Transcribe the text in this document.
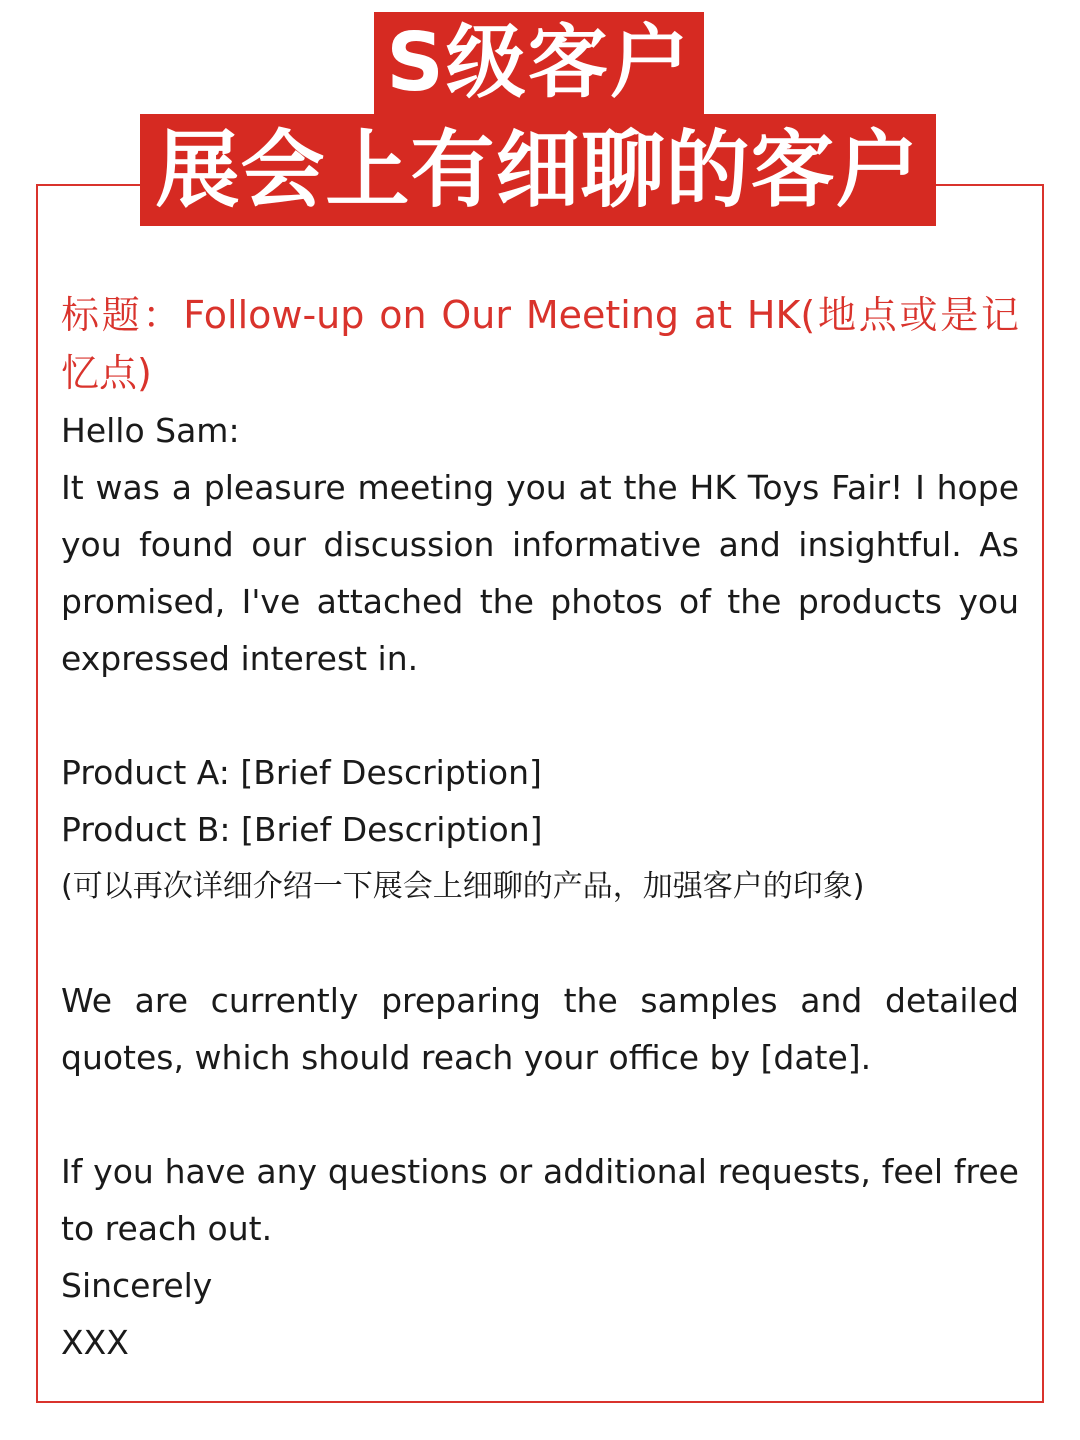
S级客户
展会上有细聊的客户

标题：Follow-up on Our Meeting at HK(地点或是记忆点)

Hello Sam:

It was a pleasure meeting you at the HK Toys Fair! I hope you found our discussion informative and insightful. As promised, I've attached the photos of the products you expressed interest in.

Product A: [Brief Description]

Product B: [Brief Description]

(可以再次详细介绍一下展会上细聊的产品，加强客户的印象)

We are currently preparing the samples and detailed quotes, which should reach your office by [date].

If you have any questions or additional requests, feel free to reach out.

Sincerely

XXX
